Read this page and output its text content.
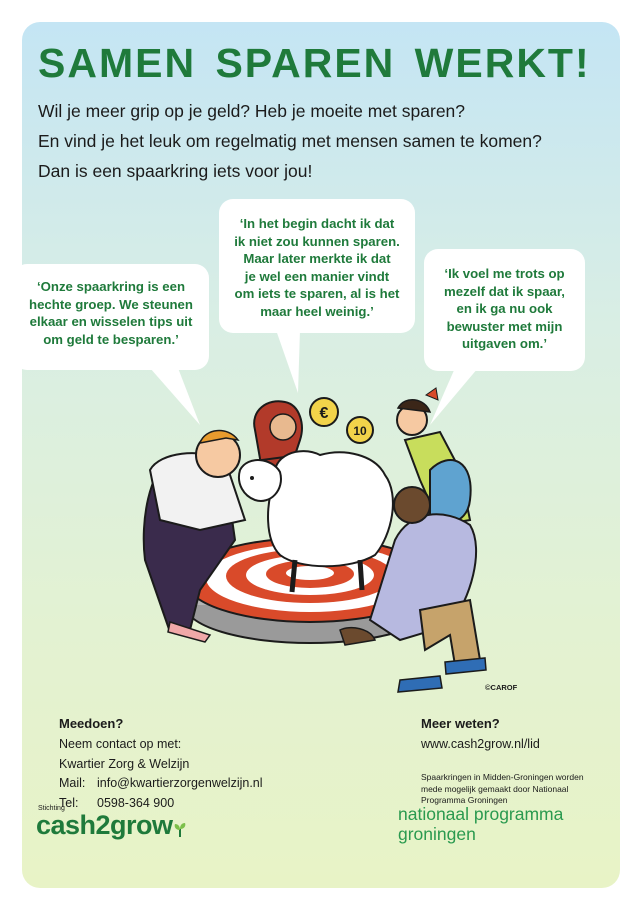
SAMEN SPAREN WERKT!
Wil je meer grip op je geld? Heb je moeite met sparen?
En vind je het leuk om regelmatig met mensen samen te komen?
Dan is een spaarkring iets voor jou!
€
10
©CAROF
‘Onze spaarkring is een
hechte groep. We steunen
elkaar en wisselen tips uit
om geld te besparen.’
‘In het begin dacht ik dat
ik niet zou kunnen sparen.
Maar later merkte ik dat
je wel een manier vindt
om iets te sparen, al is het
maar heel weinig.’
‘Ik voel me trots op
mezelf dat ik spaar,
en ik ga nu ook
bewuster met mijn
uitgaven om.’
Meedoen?
Neem contact op met:
Kwartier Zorg & Welzijn
Mail: info@kwartierzorgenwelzijn.nl
Tel: 0598-364 900
Meer weten?
www.cash2grow.nl/lid
Spaarkringen in Midden-Groningen worden
mede mogelijk gemaakt door Nationaal
Programma Groningen
Stichting
cash2grow	nationaal programma
groningen
